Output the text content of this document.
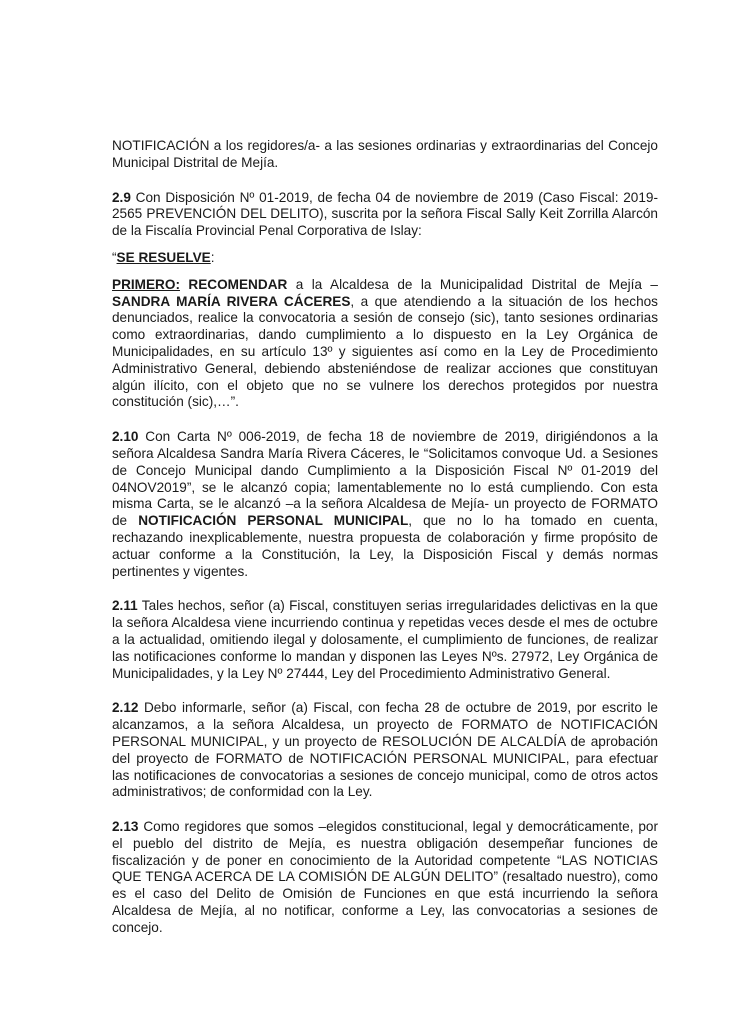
NOTIFICACIÓN a los regidores/a- a las sesiones ordinarias y extraordinarias del Concejo Municipal Distrital de Mejía.

2.9 Con Disposición Nº 01-2019, de fecha 04 de noviembre de 2019 (Caso Fiscal: 2019-2565 PREVENCIÓN DEL DELITO), suscrita por la señora Fiscal Sally Keit Zorrilla Alarcón de la Fiscalía Provincial Penal Corporativa de Islay:

“SE RESUELVE:

PRIMERO: RECOMENDAR a la Alcaldesa de la Municipalidad Distrital de Mejía – SANDRA MARÍA RIVERA CÁCERES, a que atendiendo a la situación de los hechos denunciados, realice la convocatoria a sesión de consejo (sic), tanto sesiones ordinarias como extraordinarias, dando cumplimiento a lo dispuesto en la Ley Orgánica de Municipalidades, en su artículo 13º y siguientes así como en la Ley de Procedimiento Administrativo General, debiendo absteniéndose de realizar acciones que constituyan algún ilícito, con el objeto que no se vulnere los derechos protegidos por nuestra constitución (sic),…”.

2.10 Con Carta Nº 006-2019, de fecha 18 de noviembre de 2019, dirigiéndonos a la señora Alcaldesa Sandra María Rivera Cáceres, le “Solicitamos convoque Ud. a Sesiones de Concejo Municipal dando Cumplimiento a la Disposición Fiscal Nº 01-2019 del 04NOV2019”, se le alcanzó copia; lamentablemente no lo está cumpliendo. Con esta misma Carta, se le alcanzó –a la señora Alcaldesa de Mejía- un proyecto de FORMATO de NOTIFICACIÓN PERSONAL MUNICIPAL, que no lo ha tomado en cuenta, rechazando inexplicablemente, nuestra propuesta de colaboración y firme propósito de actuar conforme a la Constitución, la Ley, la Disposición Fiscal y demás normas pertinentes y vigentes.

2.11 Tales hechos, señor (a) Fiscal, constituyen serias irregularidades delictivas en la que la señora Alcaldesa viene incurriendo continua y repetidas veces desde el mes de octubre a la actualidad, omitiendo ilegal y dolosamente, el cumplimiento de funciones, de realizar las notificaciones conforme lo mandan y disponen las Leyes Nºs. 27972, Ley Orgánica de Municipalidades, y la Ley Nº 27444, Ley del Procedimiento Administrativo General.

2.12 Debo informarle, señor (a) Fiscal, con fecha 28 de octubre de 2019, por escrito le alcanzamos, a la señora Alcaldesa, un proyecto de FORMATO de NOTIFICACIÓN PERSONAL MUNICIPAL, y un proyecto de RESOLUCIÓN DE ALCALDÍA de aprobación del proyecto de FORMATO de NOTIFICACIÓN PERSONAL MUNICIPAL, para efectuar las notificaciones de convocatorias a sesiones de concejo municipal, como de otros actos administrativos; de conformidad con la Ley.

2.13 Como regidores que somos –elegidos constitucional, legal y democráticamente, por el pueblo del distrito de Mejía, es nuestra obligación desempeñar funciones de fiscalización y de poner en conocimiento de la Autoridad competente “LAS NOTICIAS QUE TENGA ACERCA DE LA COMISIÓN DE ALGÚN DELITO” (resaltado nuestro), como es el caso del Delito de Omisión de Funciones en que está incurriendo la señora Alcaldesa de Mejía, al no notificar, conforme a Ley, las convocatorias a sesiones de concejo.
